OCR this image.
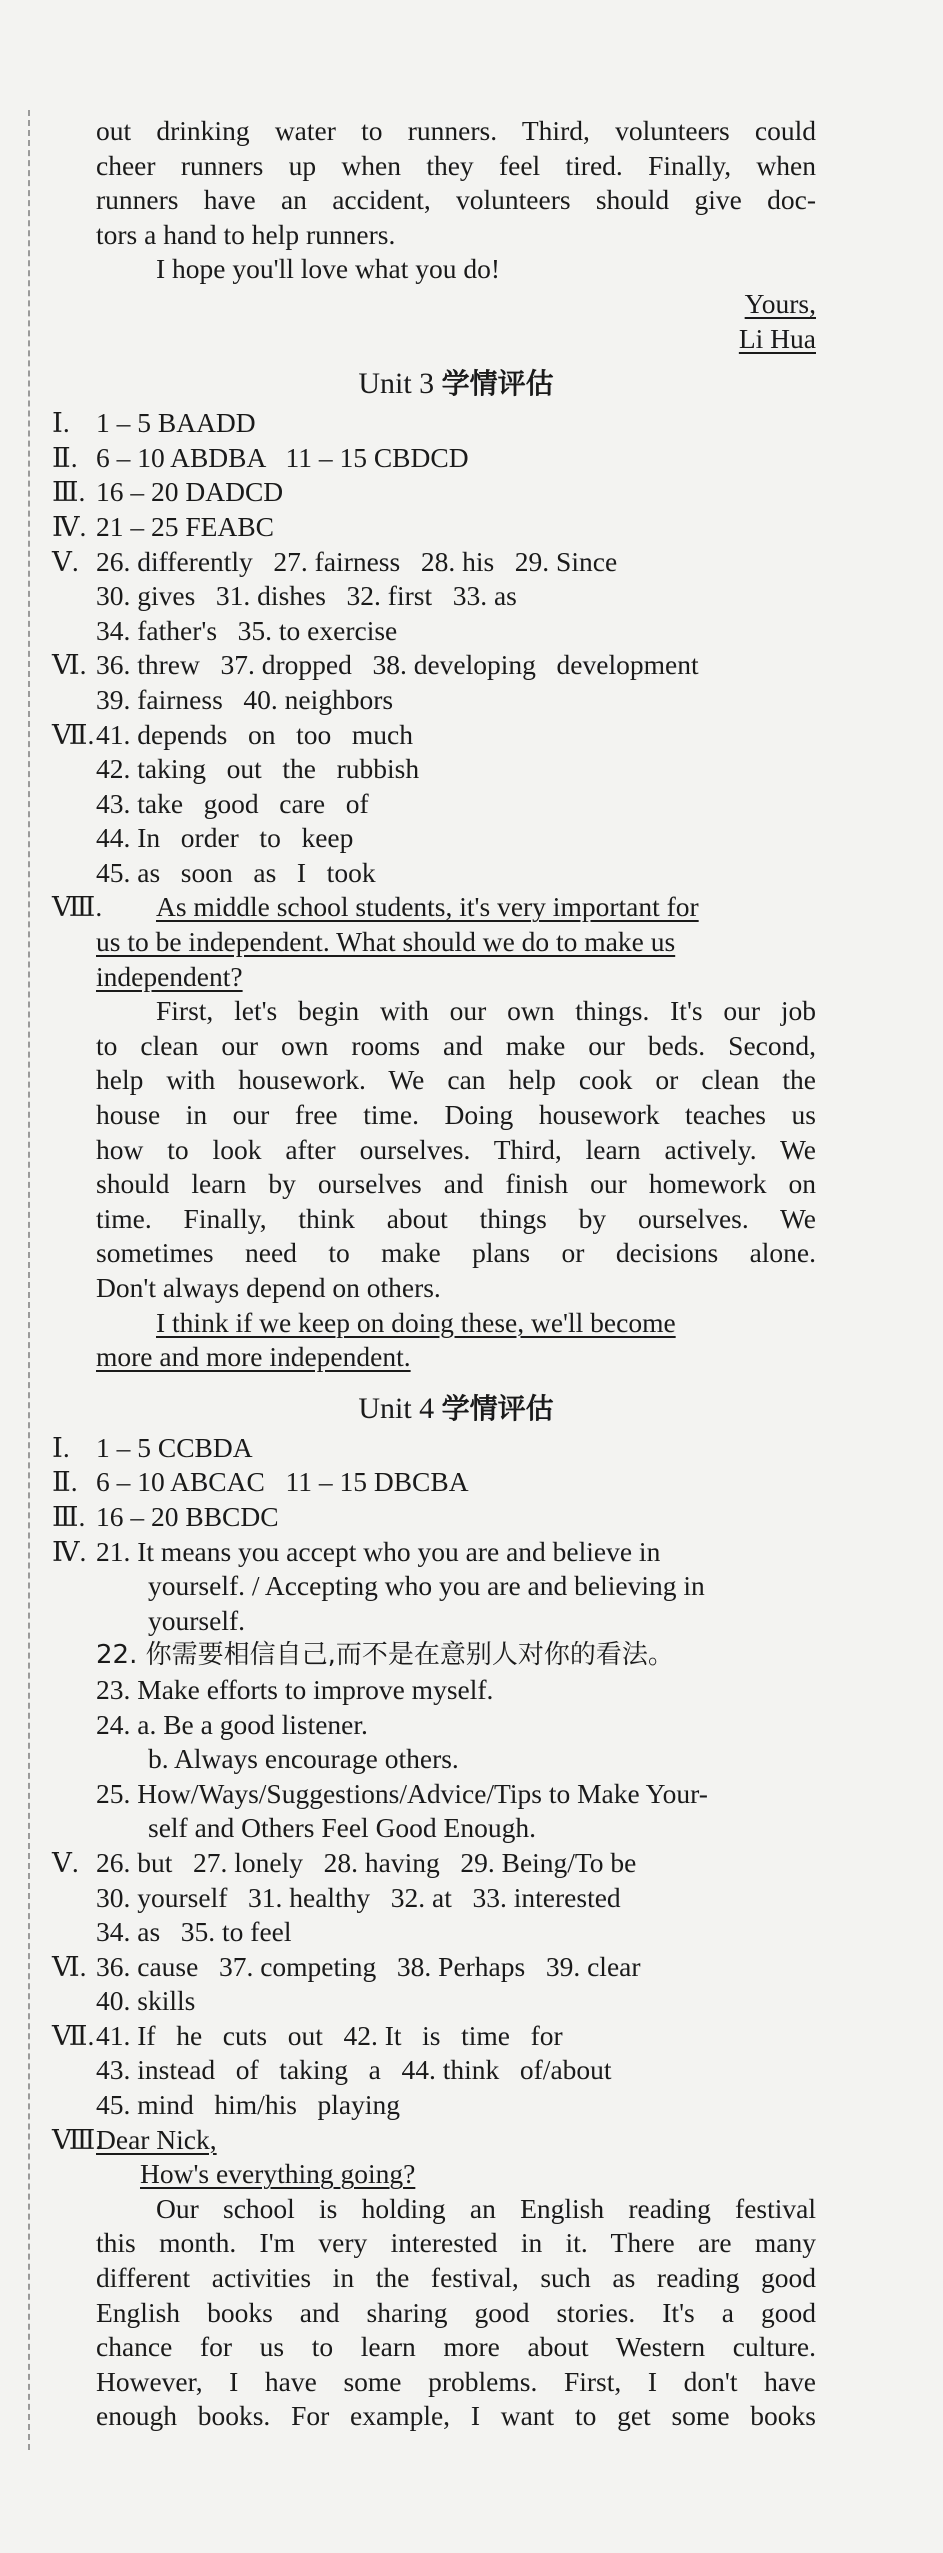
out drinking water to runners. Third, volunteers could
cheer runners up when they feel tired. Finally, when
runners have an accident, volunteers should give doc-
tors a hand to help runners.
I hope you'll love what you do!
Yours,
Li Hua
Unit 3 学情评估
Ⅰ. 1 – 5 BAADD
Ⅱ. 6 – 10 ABDBA   11 – 15 CBDCD
Ⅲ. 16 – 20 DADCD
Ⅳ. 21 – 25 FEABC
Ⅴ. 26. differently   27. fairness   28. his   29. Since
30. gives   31. dishes   32. first   33. as
34. father's   35. to exercise
Ⅵ. 36. threw   37. dropped   38. developing   development
39. fairness   40. neighbors
Ⅶ. 41. depends   on   too   much
42. taking   out   the   rubbish
43. take   good   care   of
44. In   order   to   keep
45. as   soon   as   I   took
Ⅷ.	As middle school students, it's very important for
us to be independent. What should we do to make us
independent?
First, let's begin with our own things. It's our job
to clean our own rooms and make our beds. Second,
help with housework. We can help cook or clean the
house in our free time. Doing housework teaches us
how to look after ourselves. Third, learn actively. We
should learn by ourselves and finish our homework on
time. Finally, think about things by ourselves. We
sometimes need to make plans or decisions alone.
Don't always depend on others.
I think if we keep on doing these, we'll become
more and more independent.
Unit 4 学情评估
Ⅰ. 1 – 5 CCBDA
Ⅱ. 6 – 10 ABCAC   11 – 15 DBCBA
Ⅲ. 16 – 20 BBCDC
Ⅳ. 21. It means you accept who you are and believe in
yourself. / Accepting who you are and believing in
yourself.
22. 你需要相信自己,而不是在意别人对你的看法。
23. Make efforts to improve myself.
24. a. Be a good listener.
b. Always encourage others.
25. How/Ways/Suggestions/Advice/Tips to Make Your-
self and Others Feel Good Enough.
Ⅴ. 26. but   27. lonely   28. having   29. Being/To be
30. yourself   31. healthy   32. at   33. interested
34. as   35. to feel
Ⅵ. 36. cause   37. competing   38. Perhaps   39. clear
40. skills
Ⅶ. 41. If   he   cuts   out   42. It   is   time   for
43. instead   of   taking   a   44. think   of/about
45. mind   him/his   playing
Ⅷ.
Dear Nick,
How's everything going?
Our school is holding an English reading festival
this month. I'm very interested in it. There are many
different activities in the festival, such as reading good
English books and sharing good stories. It's a good
chance for us to learn more about Western culture.
However, I have some problems. First, I don't have
enough books. For example, I want to get some books
